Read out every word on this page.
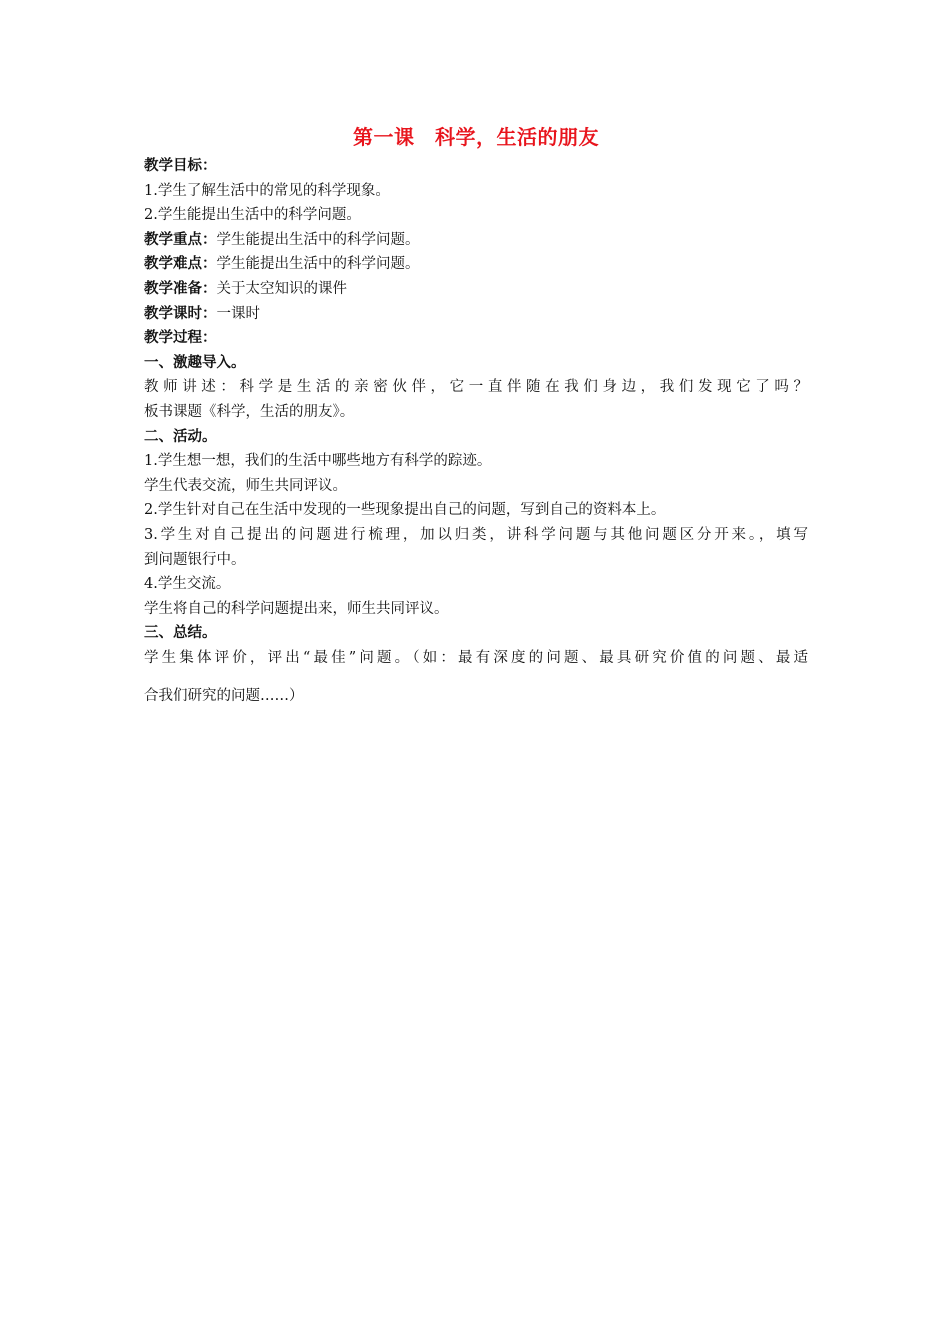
第一课　科学，生活的朋友

教学目标：

1.学生了解生活中的常见的科学现象。

2.学生能提出生活中的科学问题。

教学重点：学生能提出生活中的科学问题。

教学难点：学生能提出生活中的科学问题。

教学准备：关于太空知识的课件

教学课时：一课时

教学过程：

一、激趣导入。

教师讲述：科学是生活的亲密伙伴，它一直伴随在我们身边，我们发现它了吗？

板书课题《科学，生活的朋友》。

二、活动。

1.学生想一想，我们的生活中哪些地方有科学的踪迹。

学生代表交流，师生共同评议。

2.学生针对自己在生活中发现的一些现象提出自己的问题，写到自己的资料本上。

3.学生对自己提出的问题进行梳理，加以归类，讲科学问题与其他问题区分开来。，填写

到问题银行中。

4.学生交流。

学生将自己的科学问题提出来，师生共同评议。

三、总结。

学生集体评价，评出“最佳”问题。（如：最有深度的问题、最具研究价值的问题、最适

合我们研究的问题……）
